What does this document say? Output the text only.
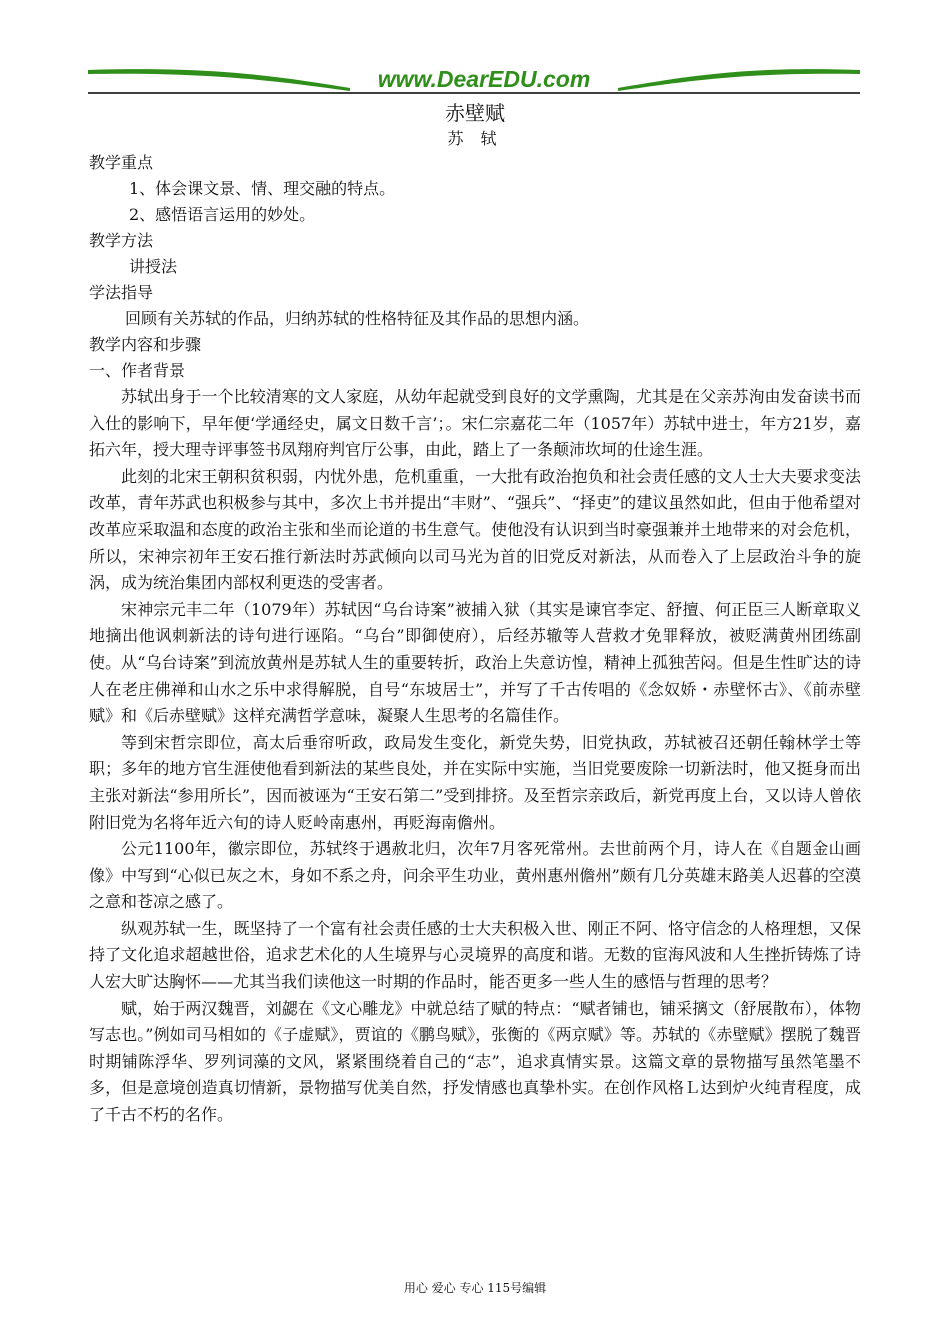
www.DearEDU.com
赤壁赋
苏 轼

教学重点

1、体会课文景、情、理交融的特点。

2、感悟语言运用的妙处。

教学方法

讲授法

学法指导

回顾有关苏轼的作品，归纳苏轼的性格特征及其作品的思想内涵。

教学内容和步骤

一、作者背景

苏轼出身于一个比较清寒的文人家庭，从幼年起就受到良好的文学熏陶，尤其是在父亲苏洵由发奋读书而入仕的影响下，早年便‘学通经史，属文日数千言’；。宋仁宗嘉花二年（1057年）苏轼中进士，年方21岁，嘉拓六年，授大理寺评事签书凤翔府判官厅公事，由此，踏上了一条颠沛坎坷的仕途生涯。

此刻的北宋王朝积贫积弱，内忧外患，危机重重，一大批有政治抱负和社会责任感的文人士大夫要求变法改革，青年苏武也积极参与其中，多次上书并提出“丰财”、“强兵”、“择吏”的建议虽然如此，但由于他希望对改革应采取温和态度的政治主张和坐而论道的书生意气。使他没有认识到当时豪强兼并土地带来的对会危机，所以，宋神宗初年王安石推行新法时苏武倾向以司马光为首的旧党反对新法，从而卷入了上层政治斗争的旋涡，成为统治集团内部权利更迭的受害者。

宋神宗元丰二年（1079年）苏轼因“乌台诗案”被捕入狱（其实是谏官李定、舒擅、何正臣三人断章取义地摘出他讽刺新法的诗句进行诬陷。“乌台”即御使府），后经苏辙等人营救才免罪释放，被贬满黄州团练副使。从“乌台诗案”到流放黄州是苏轼人生的重要转折，政治上失意访惶，精神上孤独苦闷。但是生性旷达的诗人在老庄佛禅和山水之乐中求得解脱，自号“东坡居士”，并写了千古传唱的《念奴娇・赤壁怀古》、《前赤壁赋》和《后赤壁赋》这样充满哲学意味，凝聚人生思考的名篇佳作。

等到宋哲宗即位，高太后垂帘听政，政局发生变化，新党失势，旧党执政，苏轼被召还朝任翰林学士等职；多年的地方官生涯使他看到新法的某些良处，并在实际中实施，当旧党要废除一切新法时，他又挺身而出主张对新法“参用所长”，因而被诬为“王安石第二”受到排挤。及至哲宗亲政后，新党再度上台，又以诗人曾依附旧党为名将年近六旬的诗人贬岭南惠州，再贬海南儋州。

公元1100年，徽宗即位，苏轼终于遇赦北归，次年7月客死常州。去世前两个月，诗人在《自题金山画像》中写到“心似已灰之木，身如不系之舟，问余平生功业，黄州惠州儋州”颇有几分英雄末路美人迟暮的空漠之意和苍凉之感了。

纵观苏轼一生，既坚持了一个富有社会责任感的士大夫积极入世、刚正不阿、恪守信念的人格理想，又保持了文化追求超越世俗，追求艺术化的人生境界与心灵境界的高度和谐。无数的宦海风波和人生挫折铸炼了诗人宏大旷达胸怀——尤其当我们读他这一时期的作品时，能否更多一些人生的感悟与哲理的思考？

赋，始于两汉魏晋，刘勰在《文心雕龙》中就总结了赋的特点：“赋者铺也，铺采摛文（舒展散布），体物写志也。”例如司马相如的《子虚赋》，贾谊的《鹏鸟赋》，张衡的《两京赋》等。苏轼的《赤壁赋》摆脱了魏晋时期铺陈浮华、罗列词藻的文风，紧紧围绕着自己的“志”，追求真情实景。这篇文章的景物描写虽然笔墨不多，但是意境创造真切情新，景物描写优美自然，抒发情感也真挚朴实。在创作风格Ｌ达到炉火纯青程度，成了千古不朽的名作。

用心 爱心 专心 115号编辑
